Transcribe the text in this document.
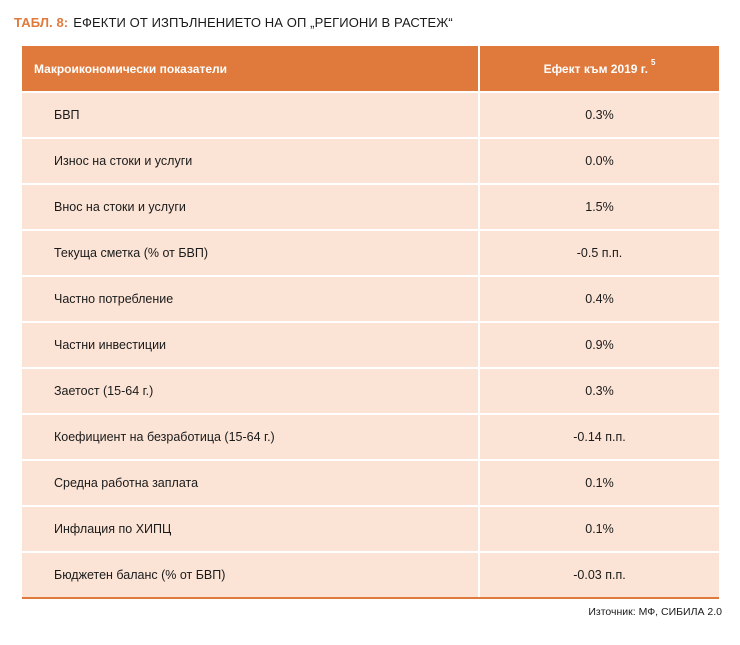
ТАБЛ. 8: ЕФЕКТИ ОТ ИЗПЪЛНЕНИЕТО НА ОП „РЕГИОНИ В РАСТЕЖ“
Макроикономически показатели	Ефект към 2019 г. $^5$
БВП	0.3%
Износ на стоки и услуги	0.0%
Внос на стоки и услуги	1.5%
Текуща сметка (% от БВП)	-0.5 п.п.
Частно потребление	0.4%
Частни инвестиции	0.9%
Заетост (15-64 г.)	0.3%
Коефициент на безработица (15-64 г.)	-0.14 п.п.
Средна работна заплата	0.1%
Инфлация по ХИПЦ	0.1%
Бюджетен баланс (% от БВП)	-0.03 п.п.
Източник: МФ, СИБИЛА 2.0
